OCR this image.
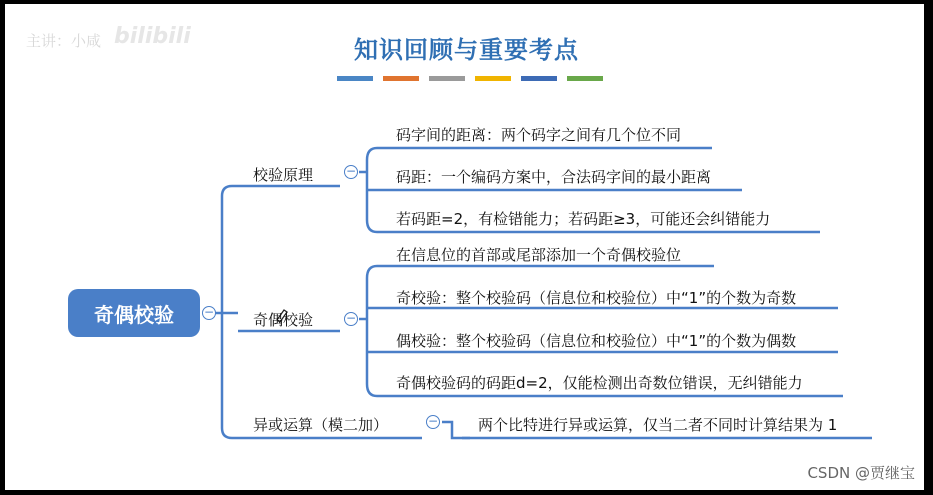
主讲：小咸 bilibili	知识回顾与重要考点
奇偶校验	−
校验原理	−
码字间的距离：两个码字之间有几个位不同
码距：一个编码方案中，合法码字间的最小距离
若码距=2，有检错能力；若码距≥3，可能还会纠错能力
奇偶校验	−
在信息位的首部或尾部添加一个奇偶校验位
奇校验：整个校验码（信息位和校验位）中“1”的个数为奇数
偶校验：整个校验码（信息位和校验位）中“1”的个数为偶数
奇偶校验码的码距d=2，仅能检测出奇数位错误，无纠错能力
异或运算（模二加）	−	两个比特进行异或运算，仅当二者不同时计算结果为 1
CSDN @贾继宝
